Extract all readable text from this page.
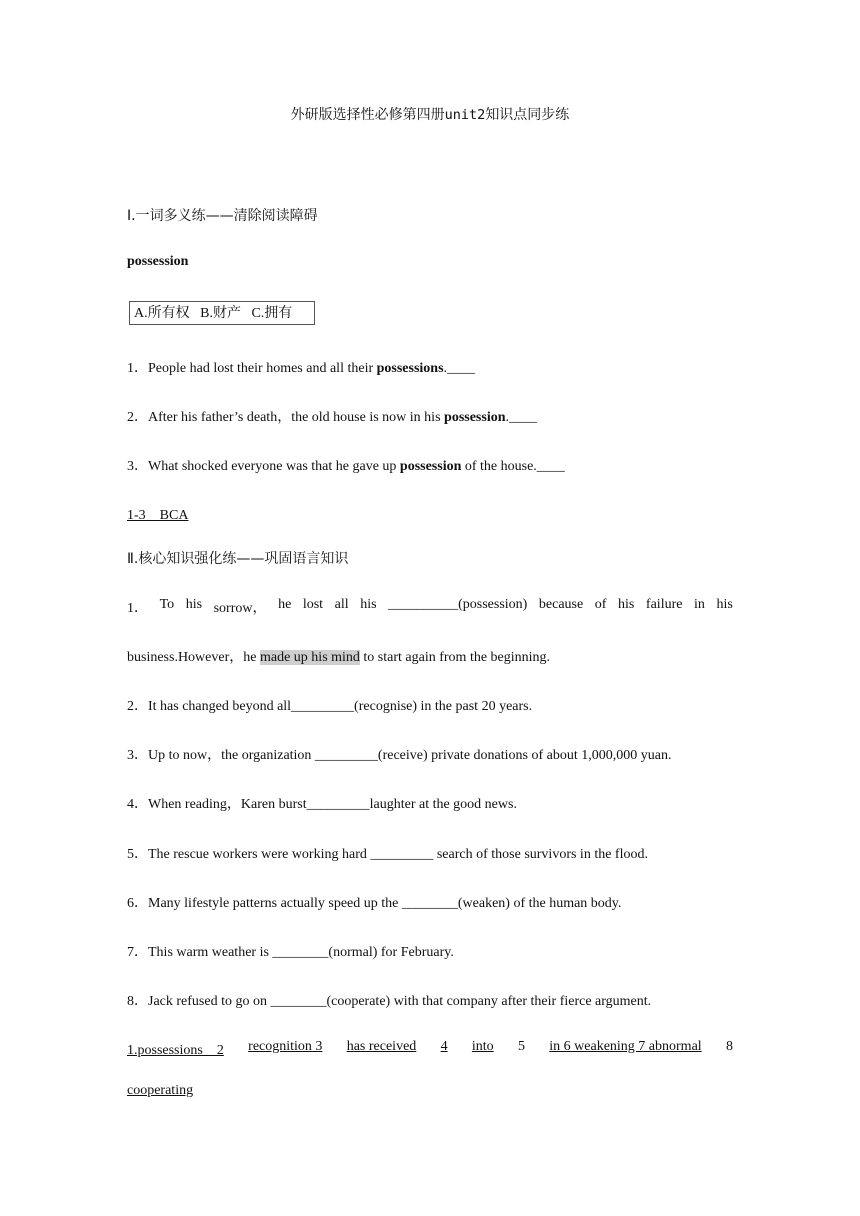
外研版选择性必修第四册unit2知识点同步练
Ⅰ.一词多义练——清除阅读障碍
possession
A.所有权 B.财产 C.拥有
1．People had lost their homes and all their possessions.____
2．After his father’s death，the old house is now in his possession.____
3．What shocked everyone was that he gave up possession of the house.____
1-3　BCA
Ⅱ.核心知识强化练——巩固语言知识
1． To his sorrow， he lost all his __________(possession) because of his failure in his
business.However，he made up his mind to start again from the beginning.
2．It has changed beyond all_________(recognise) in the past 20 years.
3．Up to now，the organization _________(receive) private donations of about 1,000,000 yuan.
4．When reading，Karen burst_________laughter at the good news.
5．The rescue workers were working hard _________ search of those survivors in the flood.
6．Many lifestyle patterns actually speed up the ________(weaken) of the human body.
7．This warm weather is ________(normal) for February.
8．Jack refused to go on ________(cooperate) with that company after their fierce argument.
1.possessions　2 recognition 3 has received 4 into 5 in 6 weakening 7 abnormal 8
cooperating
